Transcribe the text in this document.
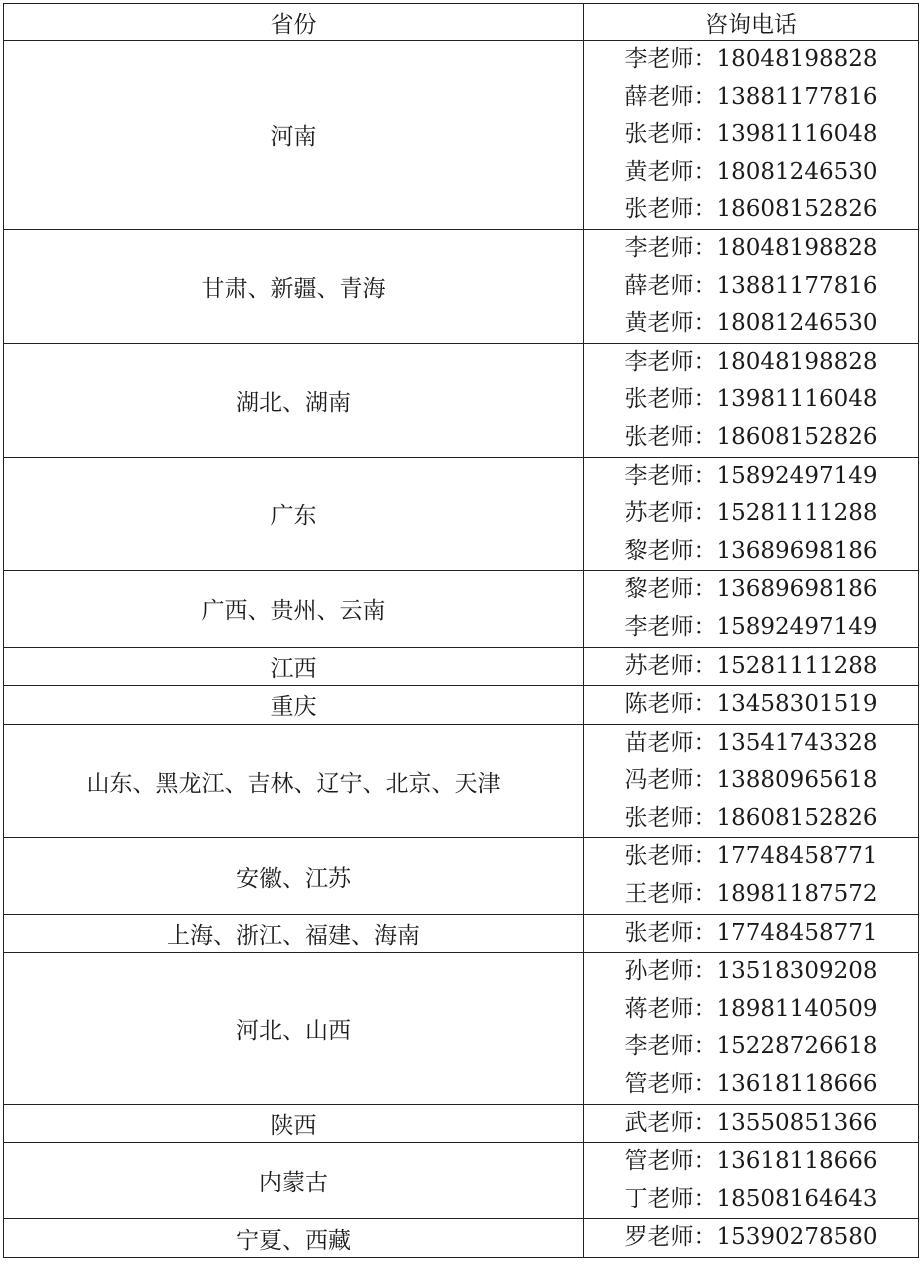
省份	咨询电话
河南	李老师：18048198828
薛老师：13881177816
张老师：13981116048
黄老师：18081246530
张老师：18608152826

甘肃、新疆、青海	李老师：18048198828
薛老师：13881177816
黄老师：18081246530

湖北、湖南	李老师：18048198828
张老师：13981116048
张老师：18608152826

广东	李老师：15892497149
苏老师：15281111288
黎老师：13689698186

广西、贵州、云南	黎老师：13689698186
李老师：15892497149

江西	苏老师：15281111288

重庆	陈老师：13458301519

山东、黑龙江、吉林、辽宁、北京、天津	苗老师：13541743328
冯老师：13880965618
张老师：18608152826

安徽、江苏	张老师：17748458771
王老师：18981187572

上海、浙江、福建、海南	张老师：17748458771

河北、山西	孙老师：13518309208
蒋老师：18981140509
李老师：15228726618
管老师：13618118666

陕西	武老师：13550851366

内蒙古	管老师：13618118666
丁老师：18508164643

宁夏、西藏	罗老师：15390278580
